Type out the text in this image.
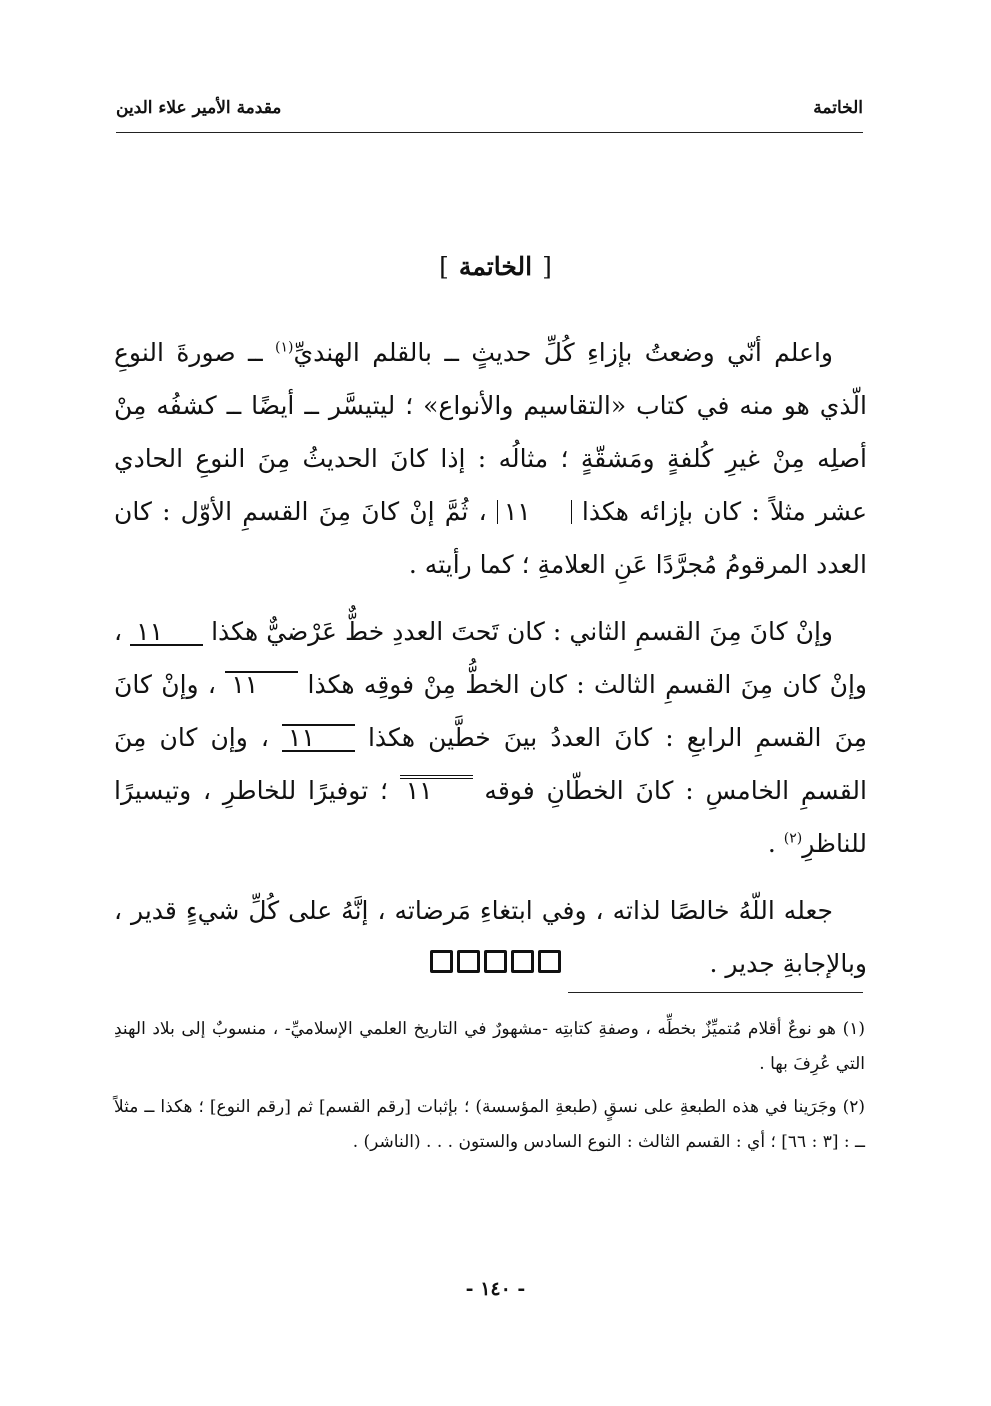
الخاتمة
مقدمة الأمير علاء الدين
[الخاتمة]

واعلم أنّي وضعتُ بإزاءِ كُلِّ حديثٍ ــ بالقلم الهنديِّ$^{(١)}$ ــ صورةَ النوعِ الّذي هو منه في كتاب «التقاسيم والأنواع» ؛ ليتيسَّر ــ أيضًا ــ كشفُه مِنْ أصلِه مِنْ غيرِ كُلفةٍ ومَشقّةٍ ؛ مثالُه : إذا كانَ الحديثُ مِنَ النوعِ الحادي عشر مثلاً : كان بإزائه هكذا ١١ ، ثُمَّ إنْ كانَ مِنَ القسمِ الأوّل : كان العدد المرقومُ مُجرَّدًا عَنِ العلامةِ ؛ كما رأيته .

وإنْ كانَ مِنَ القسمِ الثاني : كان تَحتَ العددِ خطٌّ عَرْضيٌّ هكذا ١١ ، وإنْ كان مِنَ القسمِ الثالث : كان الخطُّ مِنْ فوقِه هكذا ١١ ، وإنْ كانَ مِنَ القسمِ الرابعِ : كانَ العددُ بينَ خطَّين هكذا ١١ ، وإن كان مِنَ القسمِ الخامسِ : كانَ الخطّانِ فوقه ١١ ؛ توفيرًا للخاطرِ ، وتيسيرًا للناظرِ$^{(٢)}$ .

جعله اللّهُ خالصًا لذاته ، وفي ابتغاءِ مَرضاته ، إنَّهُ على كُلِّ شيءٍ قدير ، وبالإجابةِ جدير .

(١) هو نوعٌ أقلام مُتميِّزٌ بخطِّه ، وصفةِ كتابتِه -مشهورٌ في التاريخ العلمي الإسلاميِّ- ، منسوبٌ إلى بلاد الهندِ التي عُرِفَ بها .

(٢) وجَرَينا في هذه الطبعةِ على نسقٍ (طبعةِ المؤسسة) ؛ بإثبات [رقم القسم] ثم [رقم النوع] ؛ هكذا ــ مثلاً ــ : [٣ : ٦٦] ؛ أي : القسم الثالث : النوع السادس والستون . . . (الناشر) .

- ١٤٠ -
